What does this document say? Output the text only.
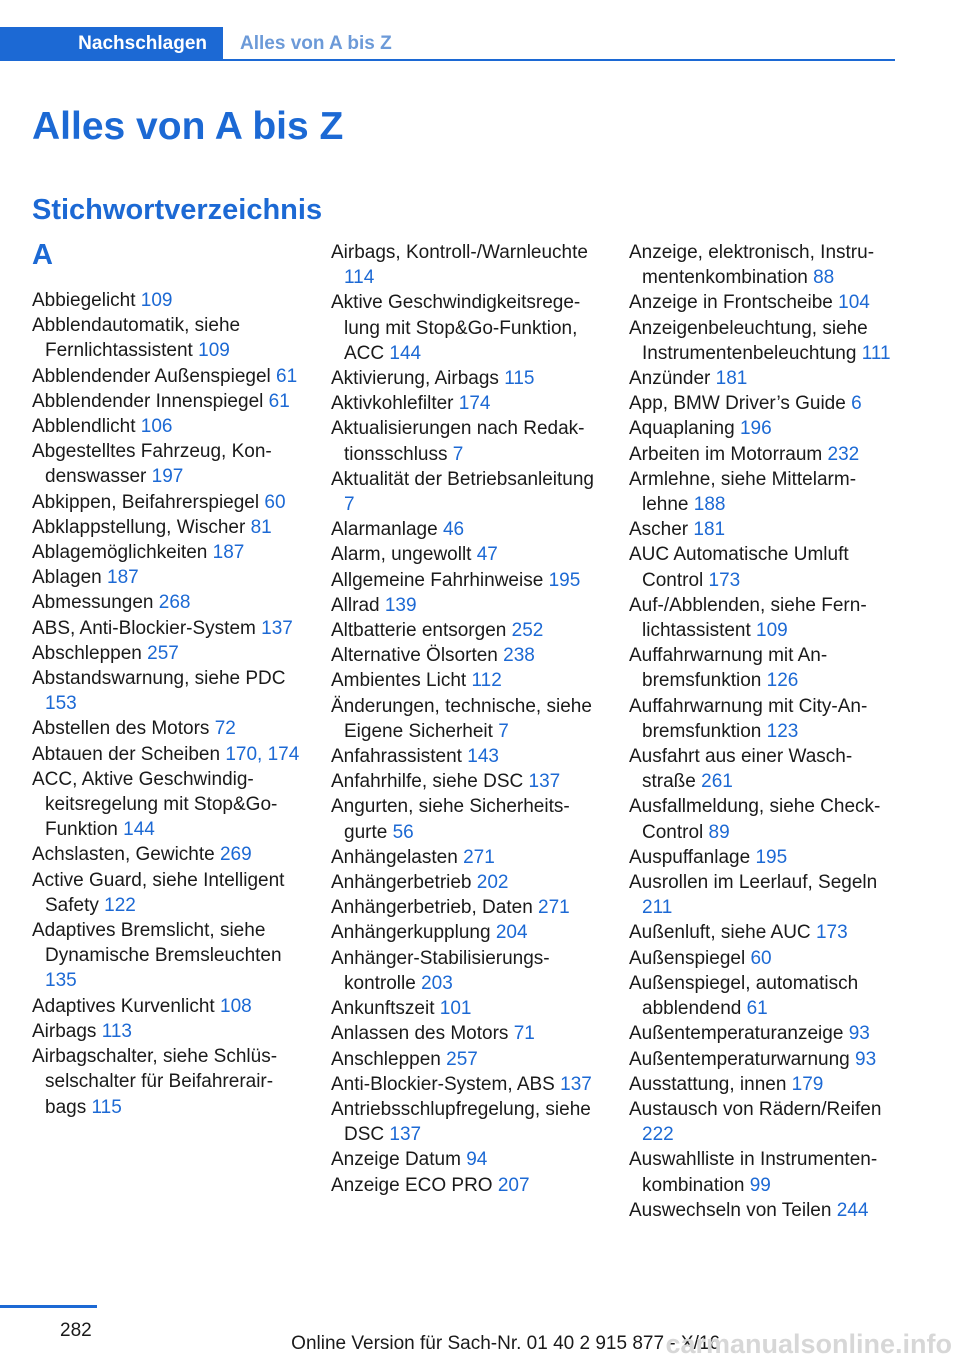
Nachschlagen	Alles von A bis Z
Alles von A bis Z
Stichwortverzeichnis
A
Abbiegelicht 109
Abblendautomatik, siehe Fernlichtassistent 109
Abblendender Außenspiegel 61
Abblendender Innenspiegel 61
Abblendlicht 106
Abgestelltes Fahrzeug, Kondenswasser 197
Abkippen, Beifahrerspiegel 60
Abklappstellung, Wischer 81
Ablagemöglichkeiten 187
Ablagen 187
Abmessungen 268
ABS, Anti-Blockier-System 137
Abschleppen 257
Abstandswarnung, siehe PDC 153
Abstellen des Motors 72
Abtauen der Scheiben 170, 174
ACC, Aktive Geschwindigkeitsregelung mit Stop&Go-Funktion 144
Achslasten, Gewichte 269
Active Guard, siehe Intelligent Safety 122
Adaptives Bremslicht, siehe Dynamische Bremsleuchten 135
Adaptives Kurvenlicht 108
Airbags 113
Airbagschalter, siehe Schlüsselschalter für Beifahrerairbags 115
Airbags, Kontroll-/Warnleuchte 114
Aktive Geschwindigkeitsregelung mit Stop&Go-Funktion, ACC 144
Aktivierung, Airbags 115
Aktivkohlefilter 174
Aktualisierungen nach Redaktionsschluss 7
Aktualität der Betriebsanleitung 7
Alarmanlage 46
Alarm, ungewollt 47
Allgemeine Fahrhinweise 195
Allrad 139
Altbatterie entsorgen 252
Alternative Ölsorten 238
Ambientes Licht 112
Änderungen, technische, siehe Eigene Sicherheit 7
Anfahrassistent 143
Anfahrhilfe, siehe DSC 137
Angurten, siehe Sicherheitsgurte 56
Anhängelasten 271
Anhängerbetrieb 202
Anhängerbetrieb, Daten 271
Anhängerkupplung 204
Anhänger-Stabilisierungskontrolle 203
Ankunftszeit 101
Anlassen des Motors 71
Anschleppen 257
Anti-Blockier-System, ABS 137
Antriebsschlupfregelung, siehe DSC 137
Anzeige Datum 94
Anzeige ECO PRO 207
Anzeige, elektronisch, Instrumentenkombination 88
Anzeige in Frontscheibe 104
Anzeigenbeleuchtung, siehe Instrumentenbeleuchtung 111
Anzünder 181
App, BMW Driver’s Guide 6
Aquaplaning 196
Arbeiten im Motorraum 232
Armlehne, siehe Mittelarmlehne 188
Ascher 181
AUC Automatische Umluft Control 173
Auf-/Abblenden, siehe Fernlichtassistent 109
Auffahrwarnung mit Anbremsfunktion 126
Auffahrwarnung mit City-Anbremsfunktion 123
Ausfahrt aus einer Waschstraße 261
Ausfallmeldung, siehe Check-Control 89
Auspuffanlage 195
Ausrollen im Leerlauf, Segeln 211
Außenluft, siehe AUC 173
Außenspiegel 60
Außenspiegel, automatisch abblendend 61
Außentemperaturanzeige 93
Außentemperaturwarnung 93
Ausstattung, innen 179
Austausch von Rädern/Reifen 222
Auswahlliste in Instrumentenkombination 99
Auswechseln von Teilen 244
282
Online Version für Sach-Nr. 01 40 2 915 877 - X/16
carmanualsonline.info
